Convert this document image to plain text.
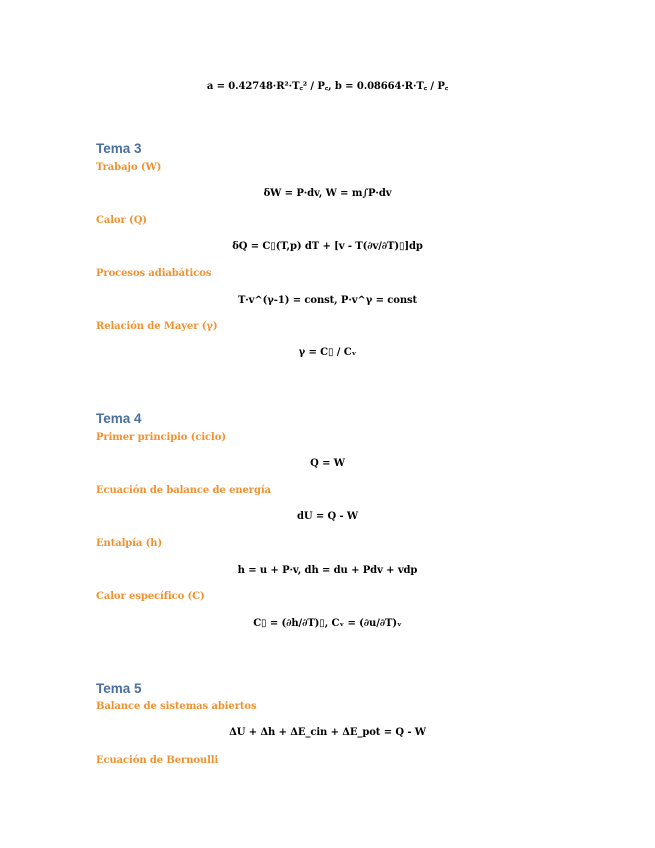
a = 0.42748·R²·T꜀² / P꜀, b = 0.08664·R·T꜀ / P꜀
Tema 3
Trabajo (W)
δW = P·dv, W = m∫P·dv
Calor (Q)
δQ = C▯(T,p) dT + [v - T(∂v/∂T)▯]dp
Procesos adiabáticos
T·v^(γ-1) = const, P·v^γ = const
Relación de Mayer (γ)
γ = C▯ / Cᵥ
Tema 4
Primer principio (ciclo)
Q = W
Ecuación de balance de energía
dU = Q - W
Entalpía (h)
h = u + P·v, dh = du + Pdv + vdp
Calor específico (C)
C▯ = (∂h/∂T)▯, Cᵥ = (∂u/∂T)ᵥ
Tema 5
Balance de sistemas abiertos
ΔU + Δh + ΔE_cin + ΔE_pot = Q - W
Ecuación de Bernoulli
